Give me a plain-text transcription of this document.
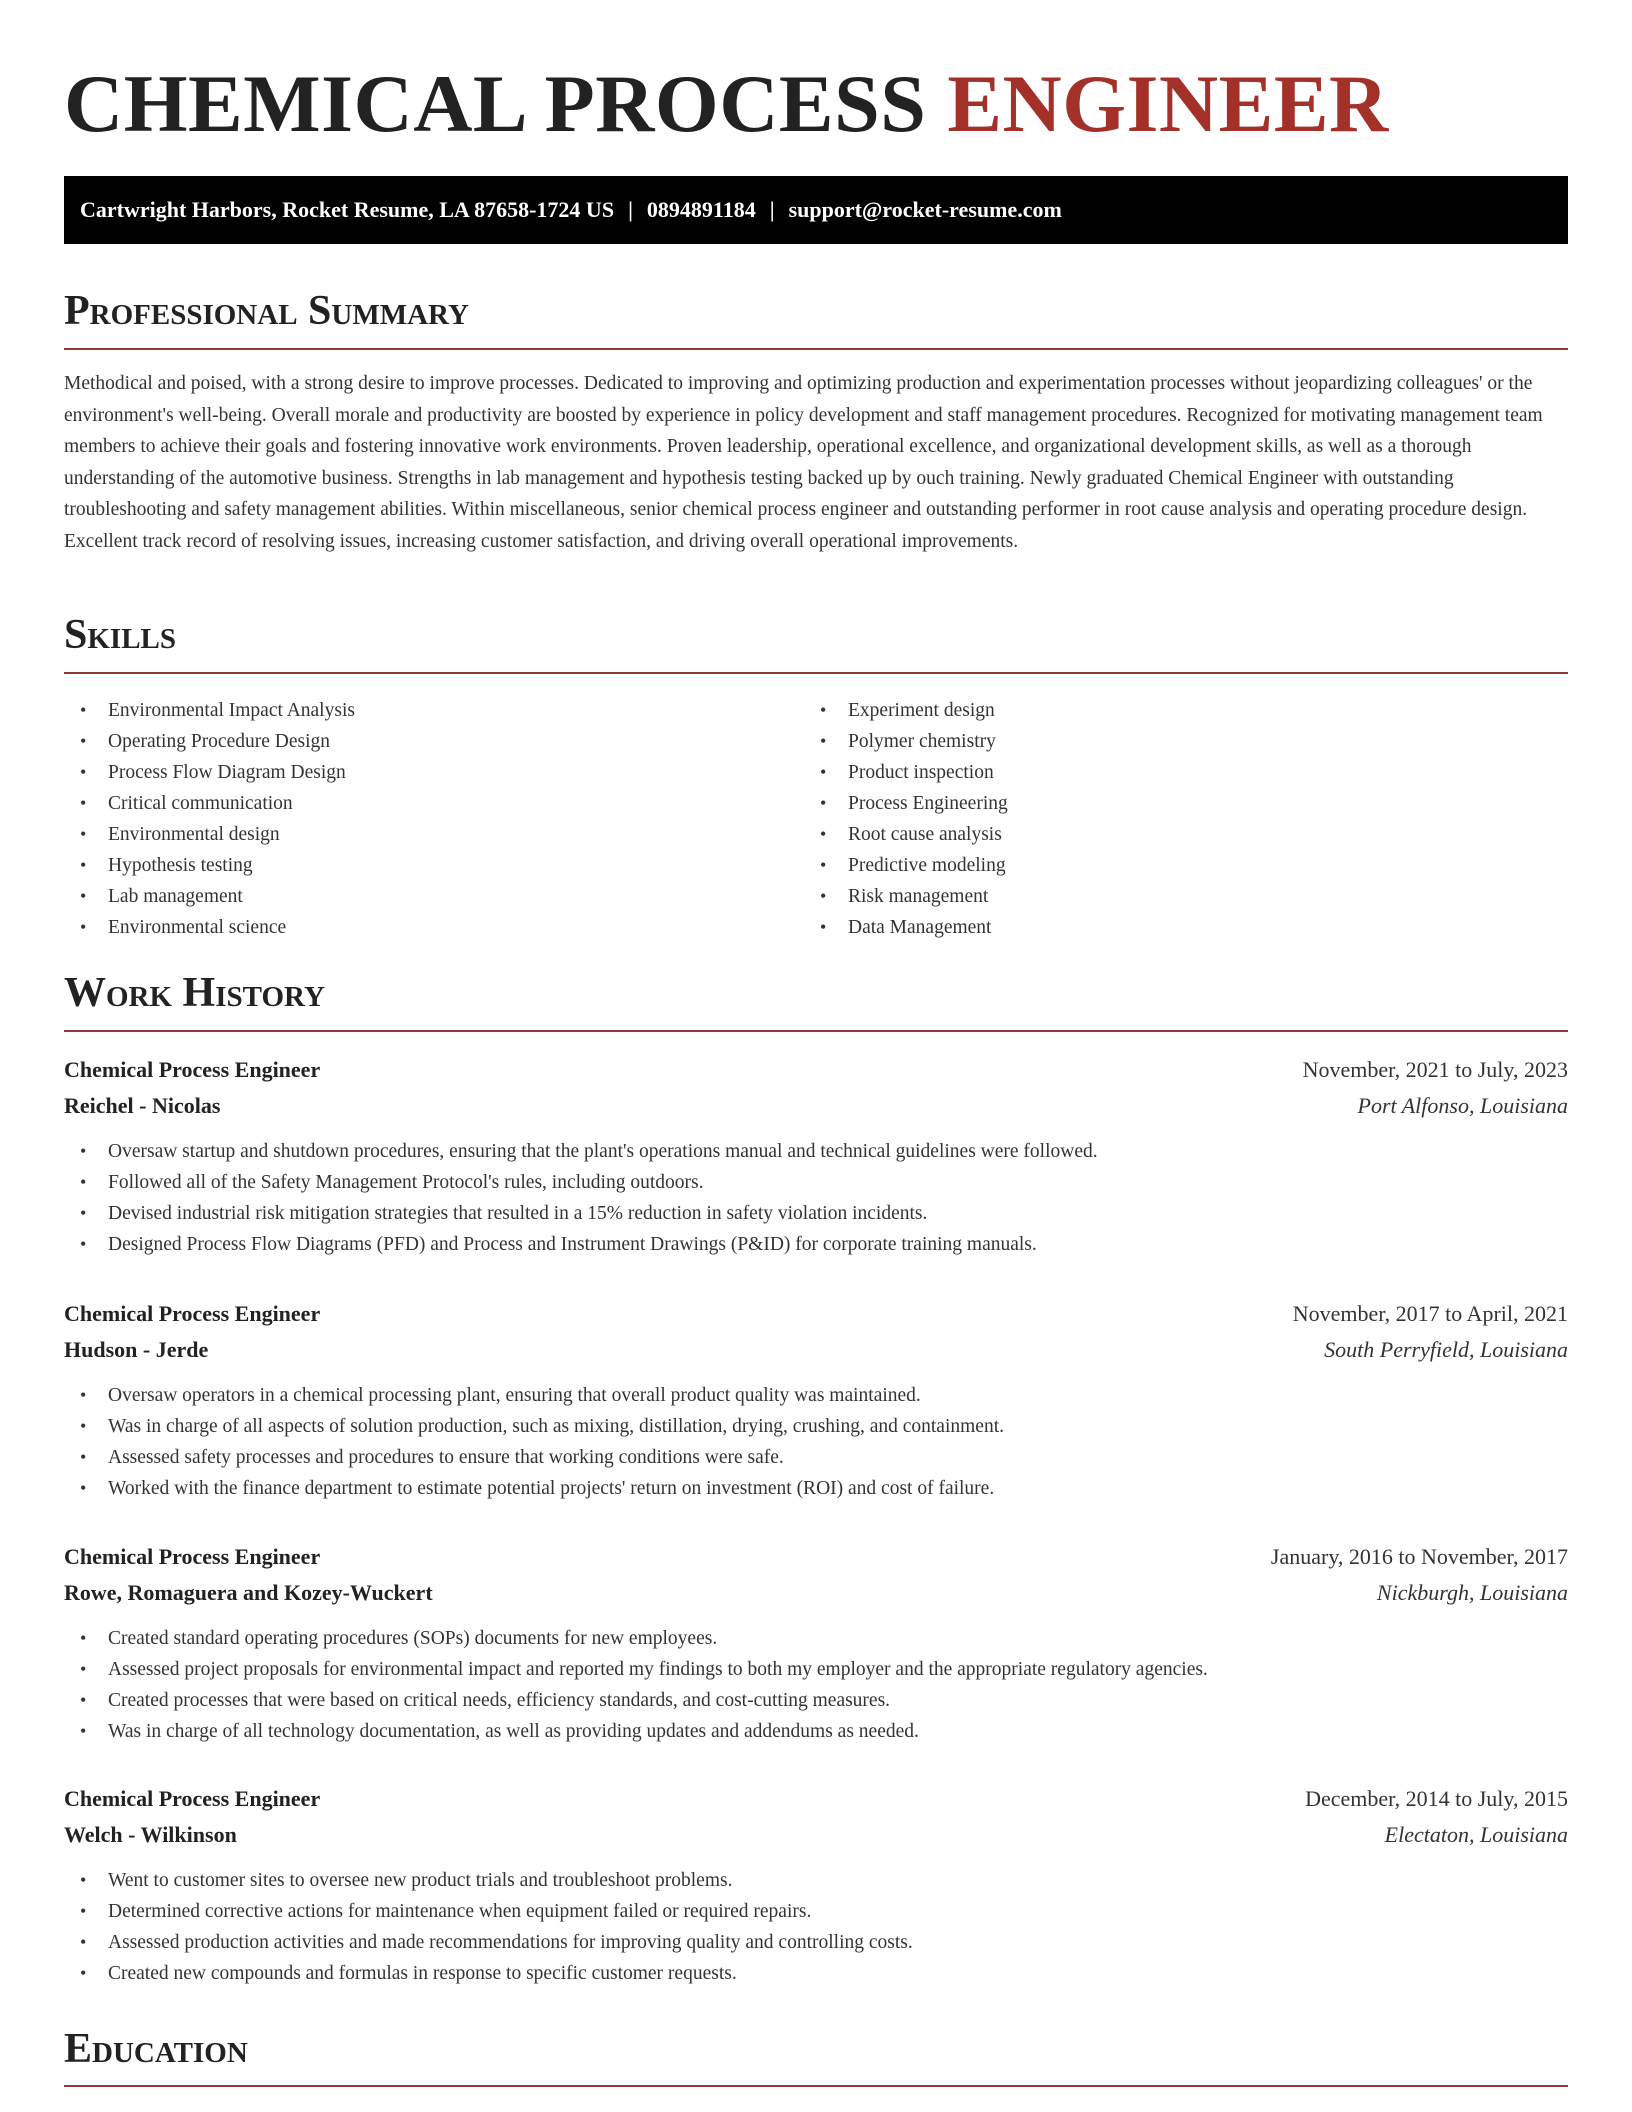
CHEMICAL PROCESS ENGINEER
Cartwright Harbors, Rocket Resume, LA 87658-1724 US | 0894891184 | support@rocket-resume.com
Professional Summary

Methodical and poised, with a strong desire to improve processes. Dedicated to improving and optimizing production and experimentation processes without jeopardizing colleagues' or the environment's well-being. Overall morale and productivity are boosted by experience in policy development and staff management procedures. Recognized for motivating management team members to achieve their goals and fostering innovative work environments. Proven leadership, operational excellence, and organizational development skills, as well as a thorough understanding of the automotive business. Strengths in lab management and hypothesis testing backed up by ouch training. Newly graduated Chemical Engineer with outstanding troubleshooting and safety management abilities. Within miscellaneous, senior chemical process engineer and outstanding performer in root cause analysis and operating procedure design. Excellent track record of resolving issues, increasing customer satisfaction, and driving overall operational improvements.

Skills
• Environmental Impact Analysis
• Operating Procedure Design
• Process Flow Diagram Design
• Critical communication
• Environmental design
• Hypothesis testing
• Lab management
• Environmental science
• Experiment design
• Polymer chemistry
• Product inspection
• Process Engineering
• Root cause analysis
• Predictive modeling
• Risk management
• Data Management
Work History
Chemical Process Engineer	November, 2021 to July, 2023
Reichel - Nicolas	Port Alfonso, Louisiana
• Oversaw startup and shutdown procedures, ensuring that the plant's operations manual and technical guidelines were followed.
• Followed all of the Safety Management Protocol's rules, including outdoors.
• Devised industrial risk mitigation strategies that resulted in a 15% reduction in safety violation incidents.
• Designed Process Flow Diagrams (PFD) and Process and Instrument Drawings (P&ID) for corporate training manuals.
Chemical Process Engineer	November, 2017 to April, 2021
Hudson - Jerde	South Perryfield, Louisiana
• Oversaw operators in a chemical processing plant, ensuring that overall product quality was maintained.
• Was in charge of all aspects of solution production, such as mixing, distillation, drying, crushing, and containment.
• Assessed safety processes and procedures to ensure that working conditions were safe.
• Worked with the finance department to estimate potential projects' return on investment (ROI) and cost of failure.
Chemical Process Engineer	January, 2016 to November, 2017
Rowe, Romaguera and Kozey-Wuckert	Nickburgh, Louisiana
• Created standard operating procedures (SOPs) documents for new employees.
• Assessed project proposals for environmental impact and reported my findings to both my employer and the appropriate regulatory agencies.
• Created processes that were based on critical needs, efficiency standards, and cost-cutting measures.
• Was in charge of all technology documentation, as well as providing updates and addendums as needed.
Chemical Process Engineer	December, 2014 to July, 2015
Welch - Wilkinson	Electaton, Louisiana
• Went to customer sites to oversee new product trials and troubleshoot problems.
• Determined corrective actions for maintenance when equipment failed or required repairs.
• Assessed production activities and made recommendations for improving quality and controlling costs.
• Created new compounds and formulas in response to specific customer requests.
Education
